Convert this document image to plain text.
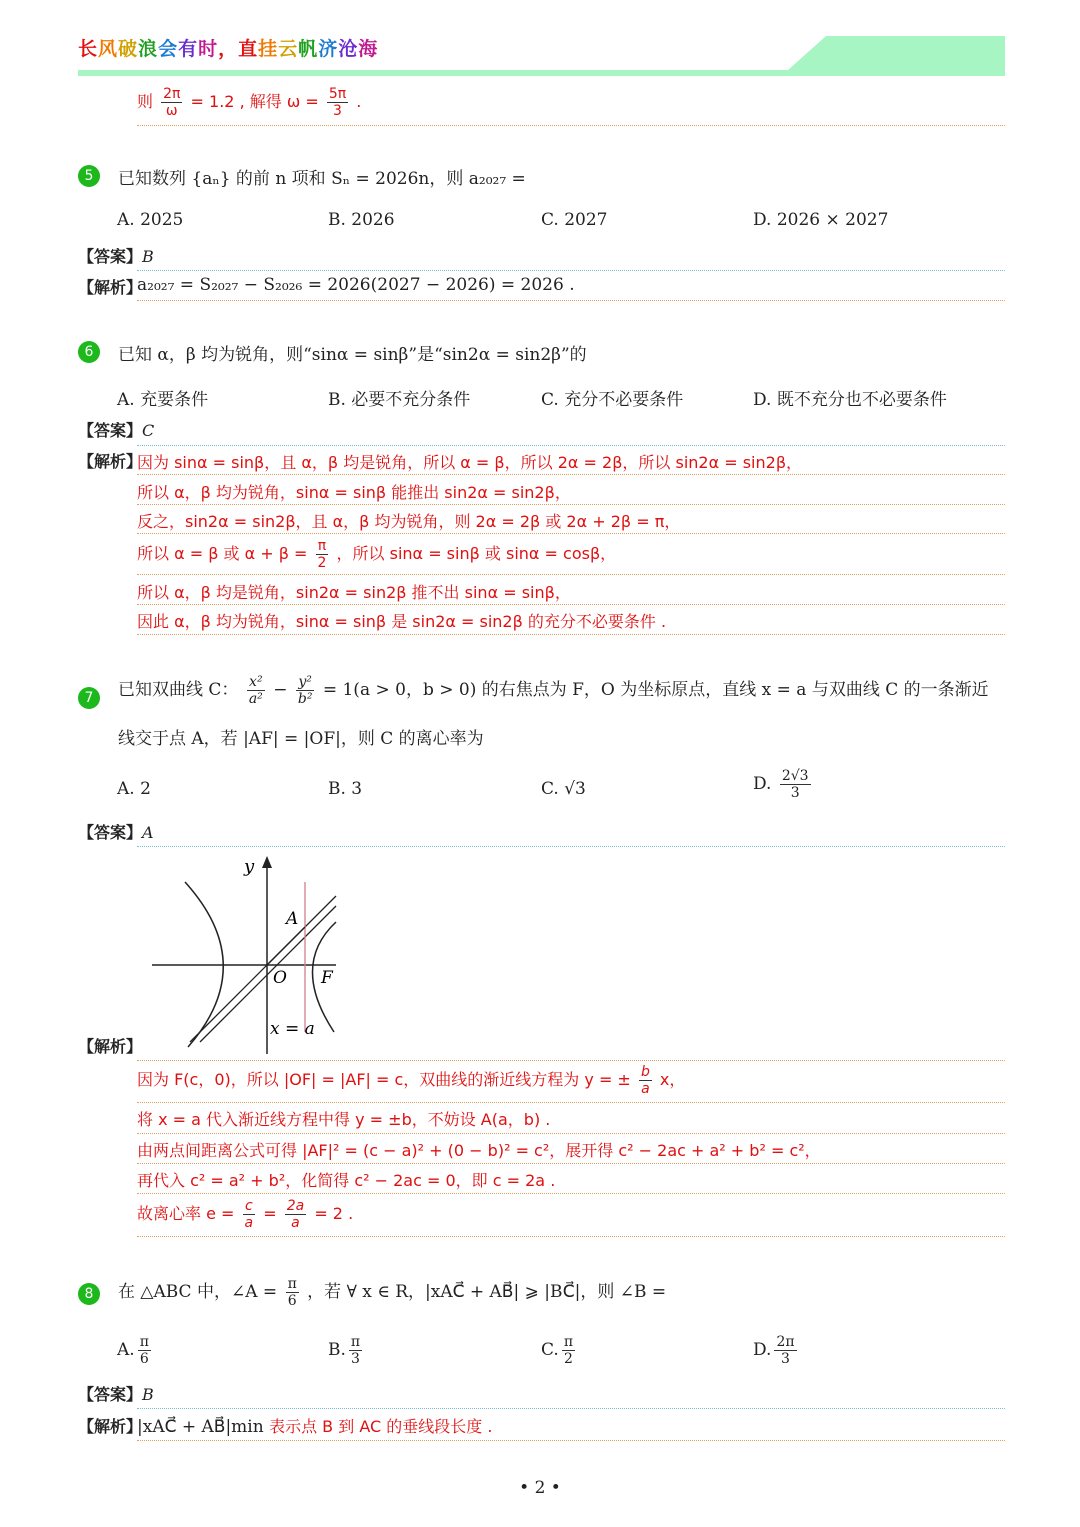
长风破浪会有时，直挂云帆济沧海
则 $\frac{2\pi}{\omega} = 1.2$ , 解得 $\omega = \frac{5\pi}{3}$ .
5	已知数列 {aₙ} 的前 n 项和 Sₙ = 2026n，则 a₂₀₂₇ =
A. 2025	B. 2026	C. 2027	D. 2026 × 2027
【答案】B
【解析】
a₂₀₂₇ = S₂₀₂₇ − S₂₀₂₆ = 2026(2027 − 2026) = 2026 .
6	已知 α，β 均为锐角，则“sinα = sinβ”是“sin2α = sin2β”的
A. 充要条件	B. 必要不充分条件	C. 充分不必要条件	D. 既不充分也不必要条件
【答案】C
【解析】
因为 sinα = sinβ，且 α，β 均是锐角，所以 α = β，所以 2α = 2β，所以 sin2α = sin2β，
所以 α，β 均为锐角，sinα = sinβ 能推出 sin2α = sin2β，
反之，sin2α = sin2β，且 α，β 均为锐角，则 2α = 2β 或 2α + 2β = π，
所以 α = β 或 $\alpha + \beta = \frac{\pi}{2}$ ，所以 sinα = sinβ 或 sinα = cosβ，
所以 α，β 均是锐角，sin2α = sin2β 推不出 sinα = sinβ，
因此 α，β 均为锐角，sinα = sinβ 是 sin2α = sin2β 的充分不必要条件 .
7	已知双曲线 C： $\frac{\text{x²}}{\text{a²}} - \frac{\text{y²}}{\text{b²}} = 1(a > 0$，b > 0) 的右焦点为 F，O 为坐标原点，直线 x = a 与双曲线 C 的一条渐近
线交于点 A，若 |AF| = |OF|，则 C 的离心率为
A. 2	B. 3	C. √3	D. $\frac{2√3}{3}$
【答案】A
y
A
O F
x = a
【解析】
因为 F(c，0)，所以 |OF| = |AF| = c，双曲线的渐近线方程为 y = ± $\frac{b}{a}$ x，
将 x = a 代入渐近线方程中得 y = ±b，不妨设 A(a，b) .
由两点间距离公式可得 |AF|² = (c − a)² + (0 − b)² = c²，展开得 c² − 2ac + a² + b² = c²，
再代入 c² = a² + b²，化简得 c² − 2ac = 0，即 c = 2a .
故离心率 $e = \frac{c}{a} = \frac{2a}{a} = 2$ .
8	在 △ABC 中，∠A = $\frac{\pi}{6}$ ，若 ∀ x ∈ R，|xAC⃗ + AB⃗| ⩾ |BC⃗|，则 ∠B =
A. $\frac{\pi}{6}$	B. $\frac{\pi}{3}$	C. $\frac{\pi}{2}$	D. $\frac{2\pi}{3}$
【答案】B
【解析】
|xAC⃗ + AB⃗|min 表示点 B 到 AC 的垂线段长度 .
• 2 •
